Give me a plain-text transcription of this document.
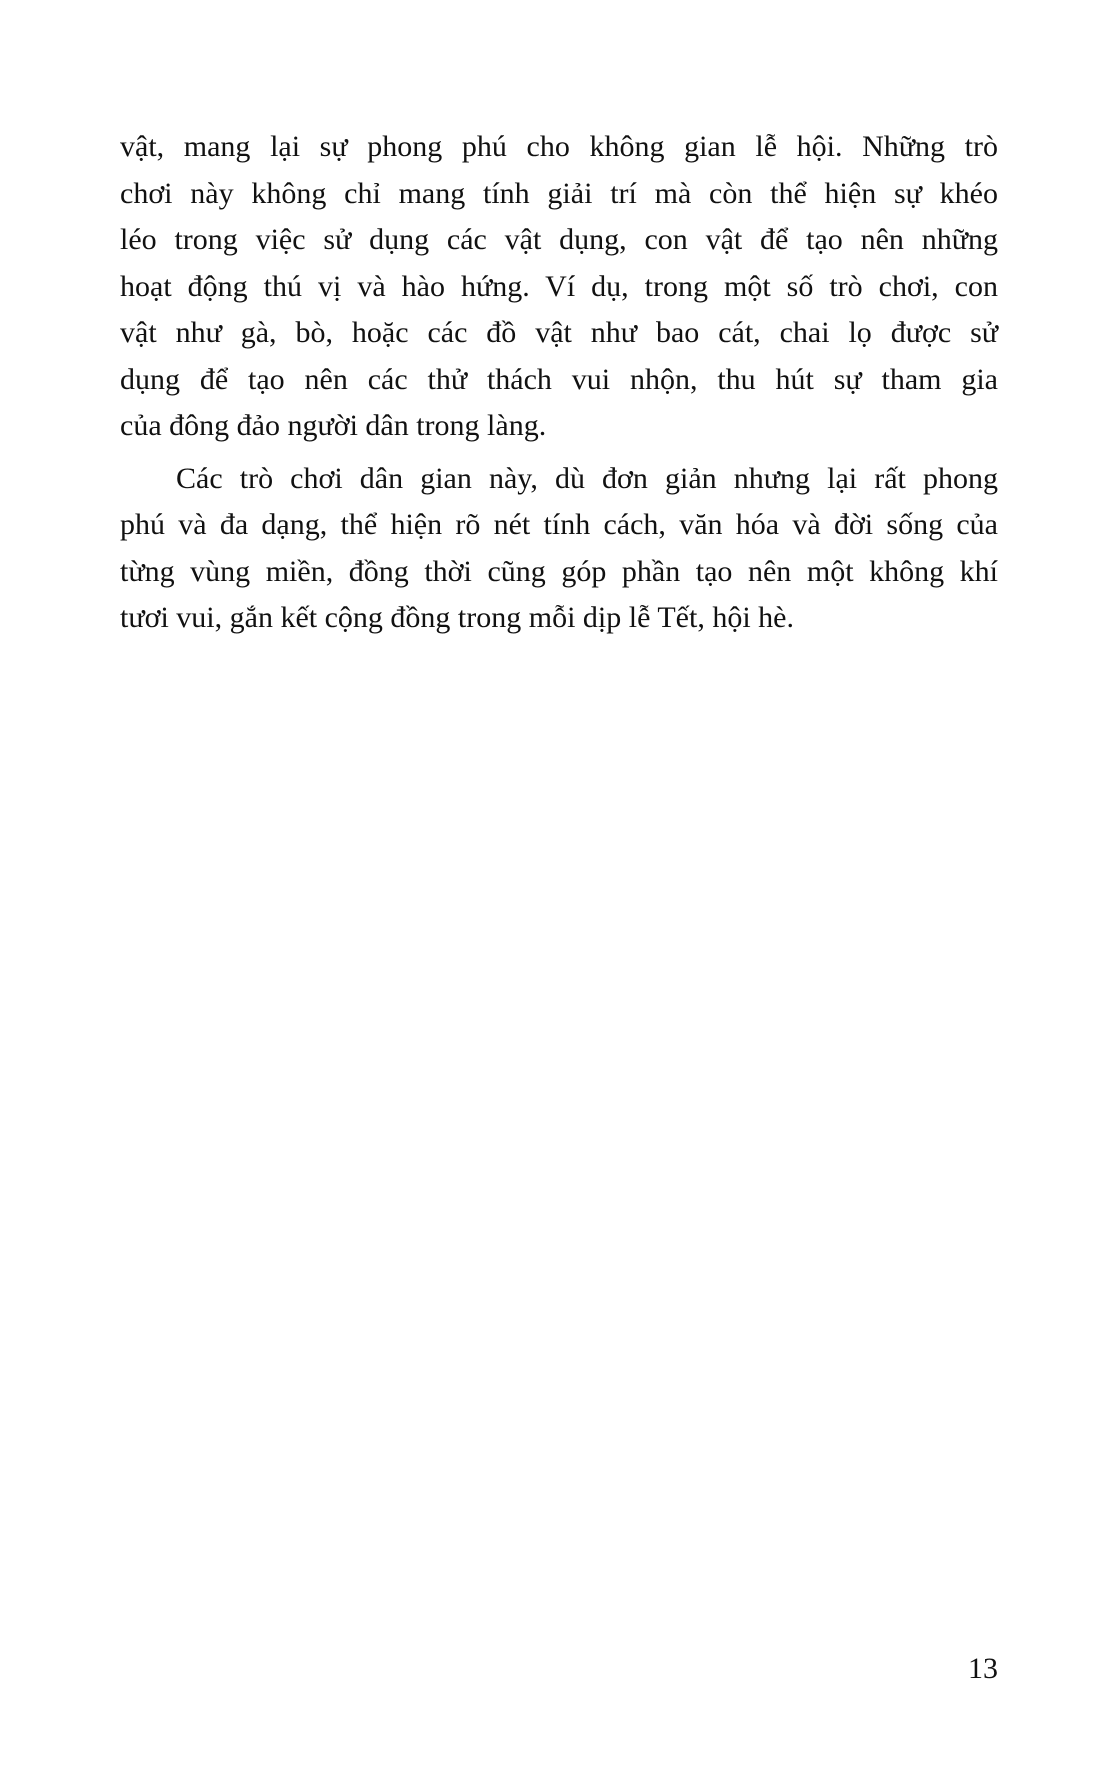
vật, mang lại sự phong phú cho không gian lễ hội. Những trò
chơi này không chỉ mang tính giải trí mà còn thể hiện sự khéo
léo trong việc sử dụng các vật dụng, con vật để tạo nên những
hoạt động thú vị và hào hứng. Ví dụ, trong một số trò chơi, con
vật như gà, bò, hoặc các đồ vật như bao cát, chai lọ được sử
dụng để tạo nên các thử thách vui nhộn, thu hút sự tham gia
của đông đảo người dân trong làng.

Các trò chơi dân gian này, dù đơn giản nhưng lại rất phong
phú và đa dạng, thể hiện rõ nét tính cách, văn hóa và đời sống của
từng vùng miền, đồng thời cũng góp phần tạo nên một không khí
tươi vui, gắn kết cộng đồng trong mỗi dịp lễ Tết, hội hè.

13
